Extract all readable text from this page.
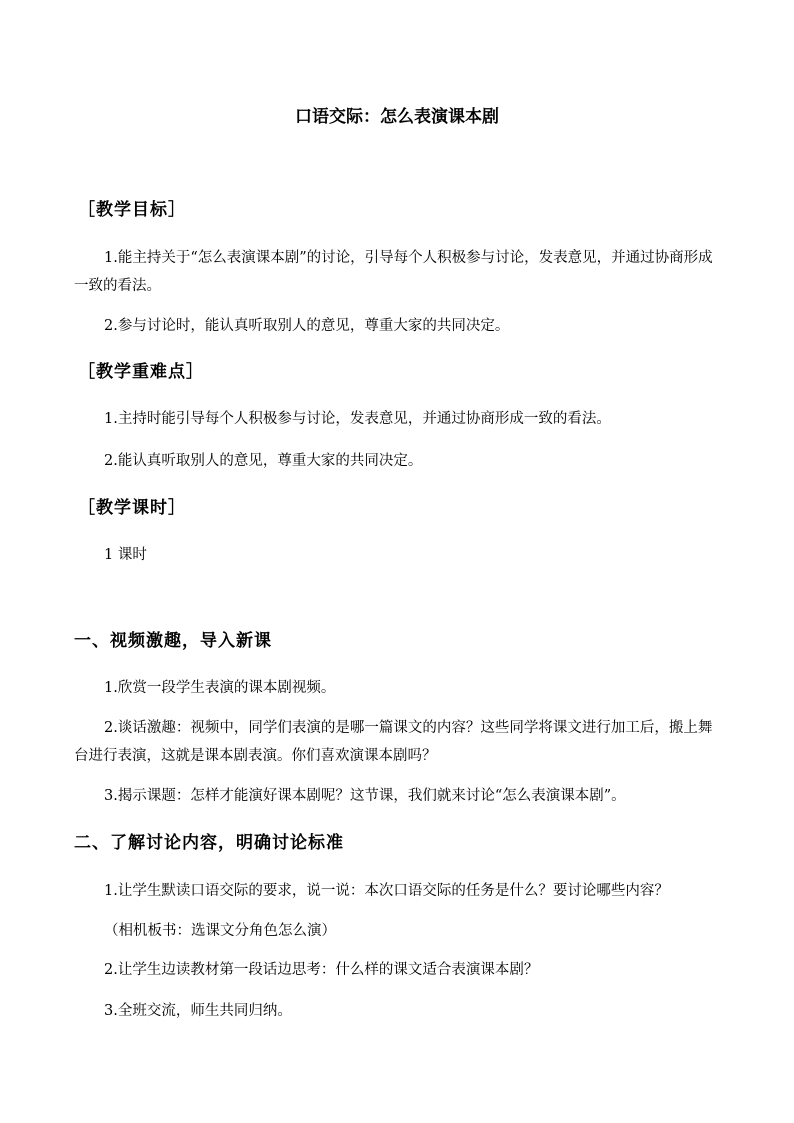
口语交际：怎么表演课本剧
［教学目标］

1.能主持关于“怎么表演课本剧”的讨论，引导每个人积极参与讨论，发表意见，并通过协商形成一致的看法。

2.参与讨论时，能认真听取别人的意见，尊重大家的共同决定。

［教学重难点］

1.主持时能引导每个人积极参与讨论，发表意见，并通过协商形成一致的看法。

2.能认真听取别人的意见，尊重大家的共同决定。

［教学课时］

1 课时

一、视频激趣，导入新课

1.欣赏一段学生表演的课本剧视频。

2.谈话激趣：视频中，同学们表演的是哪一篇课文的内容？这些同学将课文进行加工后，搬上舞台进行表演，这就是课本剧表演。你们喜欢演课本剧吗？

3.揭示课题：怎样才能演好课本剧呢？这节课，我们就来讨论“怎么表演课本剧”。

二、了解讨论内容，明确讨论标准

1.让学生默读口语交际的要求，说一说：本次口语交际的任务是什么？要讨论哪些内容？

（相机板书：选课文分角色怎么演）

2.让学生边读教材第一段话边思考：什么样的课文适合表演课本剧？

3.全班交流，师生共同归纳。
